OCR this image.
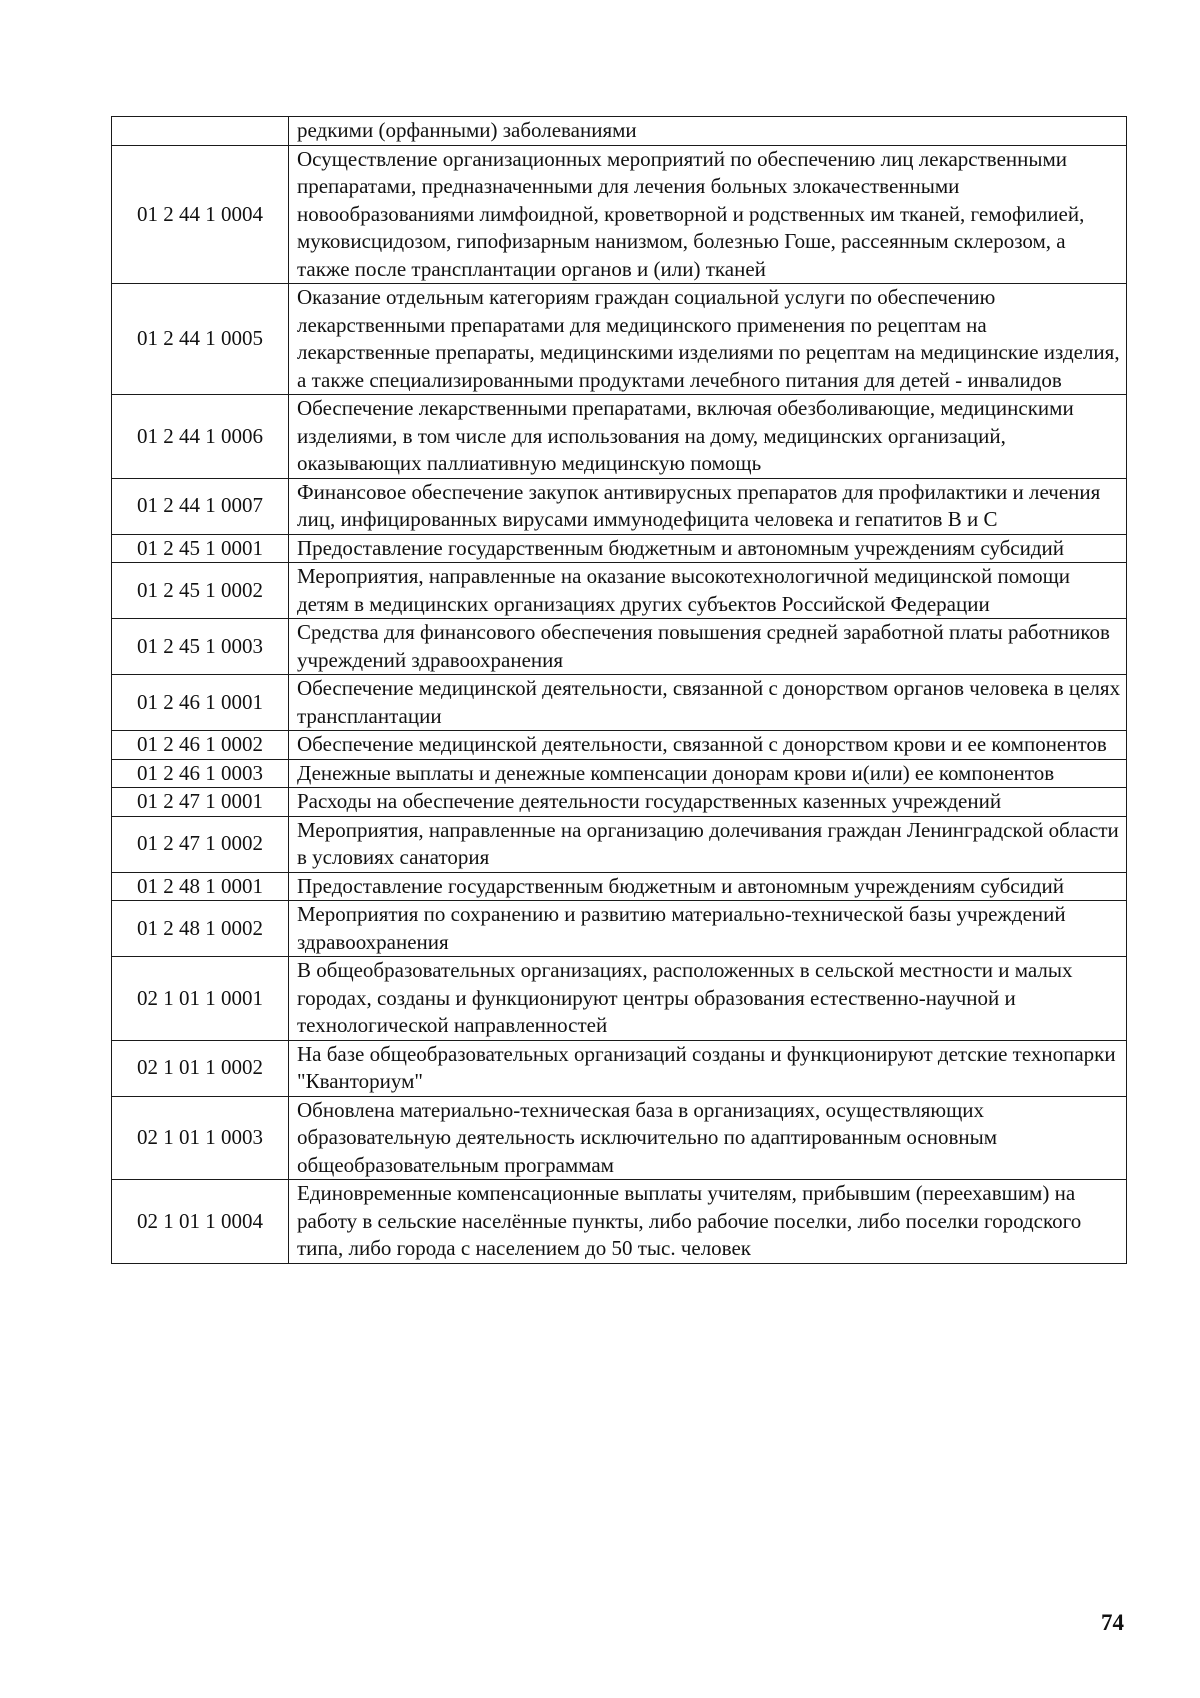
	редкими (орфанными) заболеваниями
01 2 44 1 0004	Осуществление организационных мероприятий по обеспечению лиц лекарственными препаратами, предназначенными для лечения больных злокачественными новообразованиями лимфоидной, кроветворной и родственных им тканей, гемофилией, муковисцидозом, гипофизарным нанизмом, болезнью Гоше, рассеянным склерозом, а также после трансплантации органов и (или) тканей
01 2 44 1 0005	Оказание отдельным категориям граждан социальной услуги по обеспечению лекарственными препаратами для медицинского применения по рецептам на лекарственные препараты, медицинскими изделиями по рецептам на медицинские изделия, а также специализированными продуктами лечебного питания для детей - инвалидов
01 2 44 1 0006	Обеспечение лекарственными препаратами, включая обезболивающие, медицинскими изделиями, в том числе для использования на дому, медицинских организаций, оказывающих паллиативную медицинскую помощь
01 2 44 1 0007	Финансовое обеспечение закупок антивирусных препаратов для профилактики и лечения лиц, инфицированных вирусами иммунодефицита человека и гепатитов В и С
01 2 45 1 0001	Предоставление государственным бюджетным и автономным учреждениям субсидий
01 2 45 1 0002	Мероприятия, направленные на оказание высокотехнологичной медицинской помощи детям в медицинских организациях других субъектов Российской Федерации
01 2 45 1 0003	Средства для финансового обеспечения повышения средней заработной платы работников учреждений здравоохранения
01 2 46 1 0001	Обеспечение медицинской деятельности, связанной с донорством органов человека в целях трансплантации
01 2 46 1 0002	Обеспечение медицинской деятельности, связанной с донорством крови и ее компонентов
01 2 46 1 0003	Денежные выплаты и денежные компенсации донорам крови и(или) ее компонентов
01 2 47 1 0001	Расходы на обеспечение деятельности государственных казенных учреждений
01 2 47 1 0002	Мероприятия, направленные на организацию долечивания граждан Ленинградской области в условиях санатория
01 2 48 1 0001	Предоставление государственным бюджетным и автономным учреждениям субсидий
01 2 48 1 0002	Мероприятия по сохранению и развитию материально-технической базы учреждений здравоохранения
02 1 01 1 0001	В общеобразовательных организациях, расположенных в сельской местности и малых городах, созданы и функционируют центры образования естественно-научной и технологической направленностей
02 1 01 1 0002	На базе общеобразовательных организаций созданы и функционируют детские технопарки "Кванториум"
02 1 01 1 0003	Обновлена материально-техническая база в организациях, осуществляющих образовательную деятельность исключительно по адаптированным основным общеобразовательным программам
02 1 01 1 0004	Единовременные компенсационные выплаты учителям, прибывшим (переехавшим) на работу в сельские населённые пункты, либо рабочие поселки, либо поселки городского типа, либо города с населением до 50 тыс. человек
74
